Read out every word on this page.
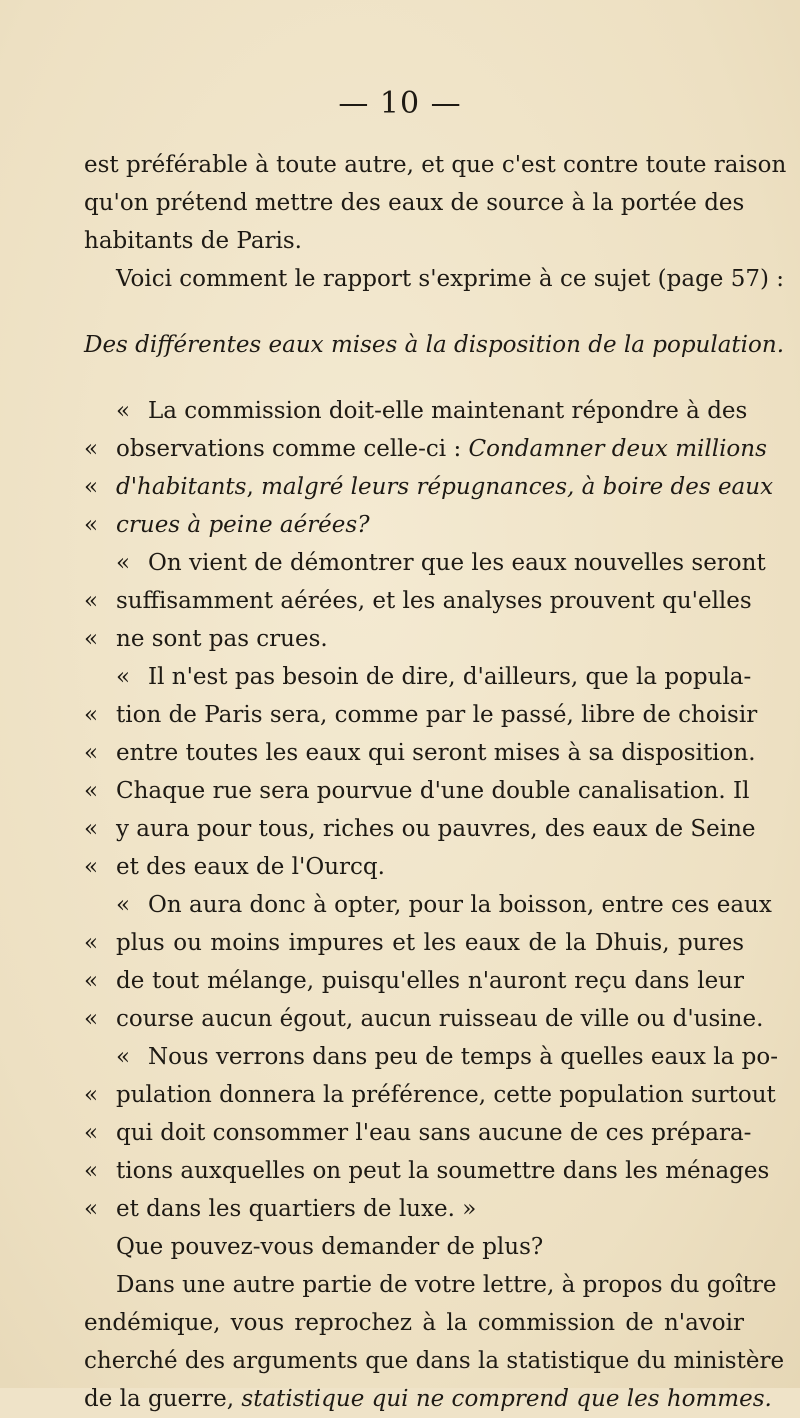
— 10 —
est préférable à toute autre, et que c'est contre toute raison
qu'on prétend mettre des eaux de source à la portée des
habitants de Paris.
Voici comment le rapport s'exprime à ce sujet (page 57) :
Des différentes eaux mises à la disposition de la population.
« La commission doit-elle maintenant répondre à des
« observations comme celle-ci : Condamner deux millions
« d'habitants, malgré leurs répugnances, à boire des eaux
« crues à peine aérées?
« On vient de démontrer que les eaux nouvelles seront
« suffisamment aérées, et les analyses prouvent qu'elles
« ne sont pas crues.
« Il n'est pas besoin de dire, d'ailleurs, que la popula-
« tion de Paris sera, comme par le passé, libre de choisir
« entre toutes les eaux qui seront mises à sa disposition.
« Chaque rue sera pourvue d'une double canalisation. Il
« y aura pour tous, riches ou pauvres, des eaux de Seine
« et des eaux de l'Ourcq.
« On aura donc à opter, pour la boisson, entre ces eaux
« plus ou moins impures et les eaux de la Dhuis, pures
« de tout mélange, puisqu'elles n'auront reçu dans leur
« course aucun égout, aucun ruisseau de ville ou d'usine.
« Nous verrons dans peu de temps à quelles eaux la po-
« pulation donnera la préférence, cette population surtout
« qui doit consommer l'eau sans aucune de ces prépara-
« tions auxquelles on peut la soumettre dans les ménages
« et dans les quartiers de luxe. »
Que pouvez-vous demander de plus?
Dans une autre partie de votre lettre, à propos du goître
endémique, vous reprochez à la commission de n'avoir
cherché des arguments que dans la statistique du ministère
de la guerre, statistique qui ne comprend que les hommes.
